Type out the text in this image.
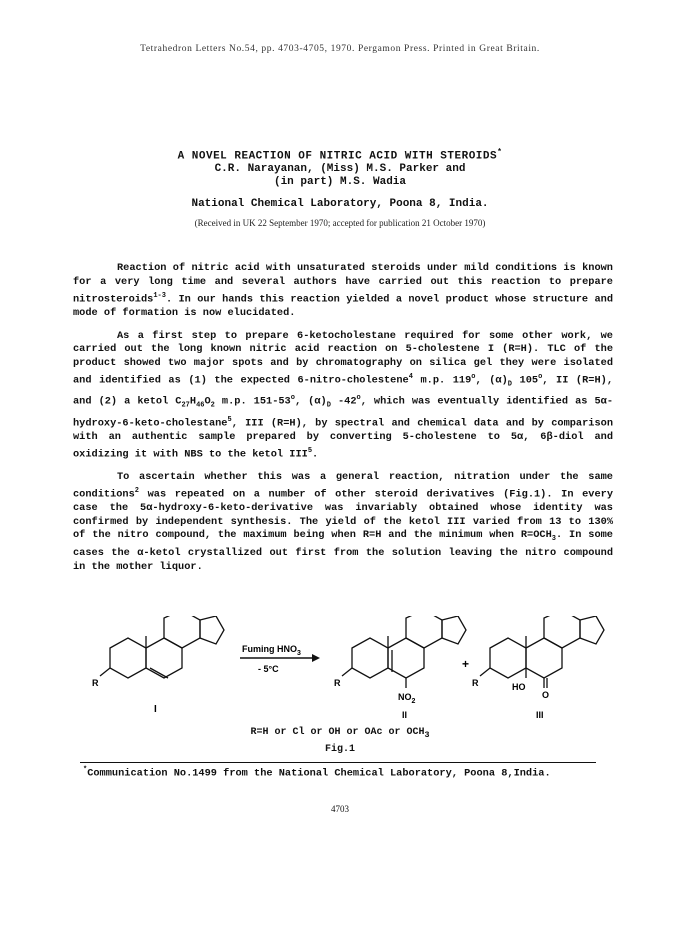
Tetrahedron Letters No.54, pp. 4703-4705, 1970. Pergamon Press. Printed in Great Britain.
A NOVEL REACTION OF NITRIC ACID WITH STEROIDS*
C.R. Narayanan, (Miss) M.S. Parker and
(in part) M.S. Wadia
National Chemical Laboratory, Poona 8, India.
(Received in UK 22 September 1970; accepted for publication 21 October 1970)

Reaction of nitric acid with unsaturated steroids under mild conditions is known for a very long time and several authors have carried out this reaction to prepare nitrosteroids$^{1-3}$. In our hands this reaction yielded a novel product whose structure and mode of formation is now elucidated.

As a first step to prepare 6-ketocholestane required for some other work, we carried out the long known nitric acid reaction on 5-cholestene I (R=H). TLC of the product showed two major spots and by chromatography on silica gel they were isolated and identified as (1) the expected 6-nitro-cholestene$^4$ m.p. 119$^o$, $(\alpha)_D$ 105$^o$, II (R=H), and (2) a ketol $C_{27}H_{46}O_2$ m.p. 151-53$^o$, $(\alpha)_D$ -42$^o$, which was eventually identified as 5α-hydroxy-6-keto-cholestane$^5$, III (R=H), by spectral and chemical data and by comparison with an authentic sample prepared by converting 5-cholestene to 5α, 6β-diol and oxidizing it with NBS to the ketol III$^5$.

To ascertain whether this was a general reaction, nitration under the same conditions$^2$ was repeated on a number of other steroid derivatives (Fig.1). In every case the 5α-hydroxy-6-keto-derivative was invariably obtained whose identity was confirmed by independent synthesis. The yield of the ketol III varied from 13 to 130% of the nitro compound, the maximum being when R=H and the minimum when $R=OCH_3$. In some cases the α-ketol crystallized out first from the solution leaving the nitro compound in the mother liquor.

R
I
Fuming $HNO_3$
- 5°C
R
$NO_2$
II
+
R	HO
O
III
R=H or Cl or OH or OAc or $OCH_3$
Fig.1
*Communication No.1499 from the National Chemical Laboratory, Poona 8,India.
4703
